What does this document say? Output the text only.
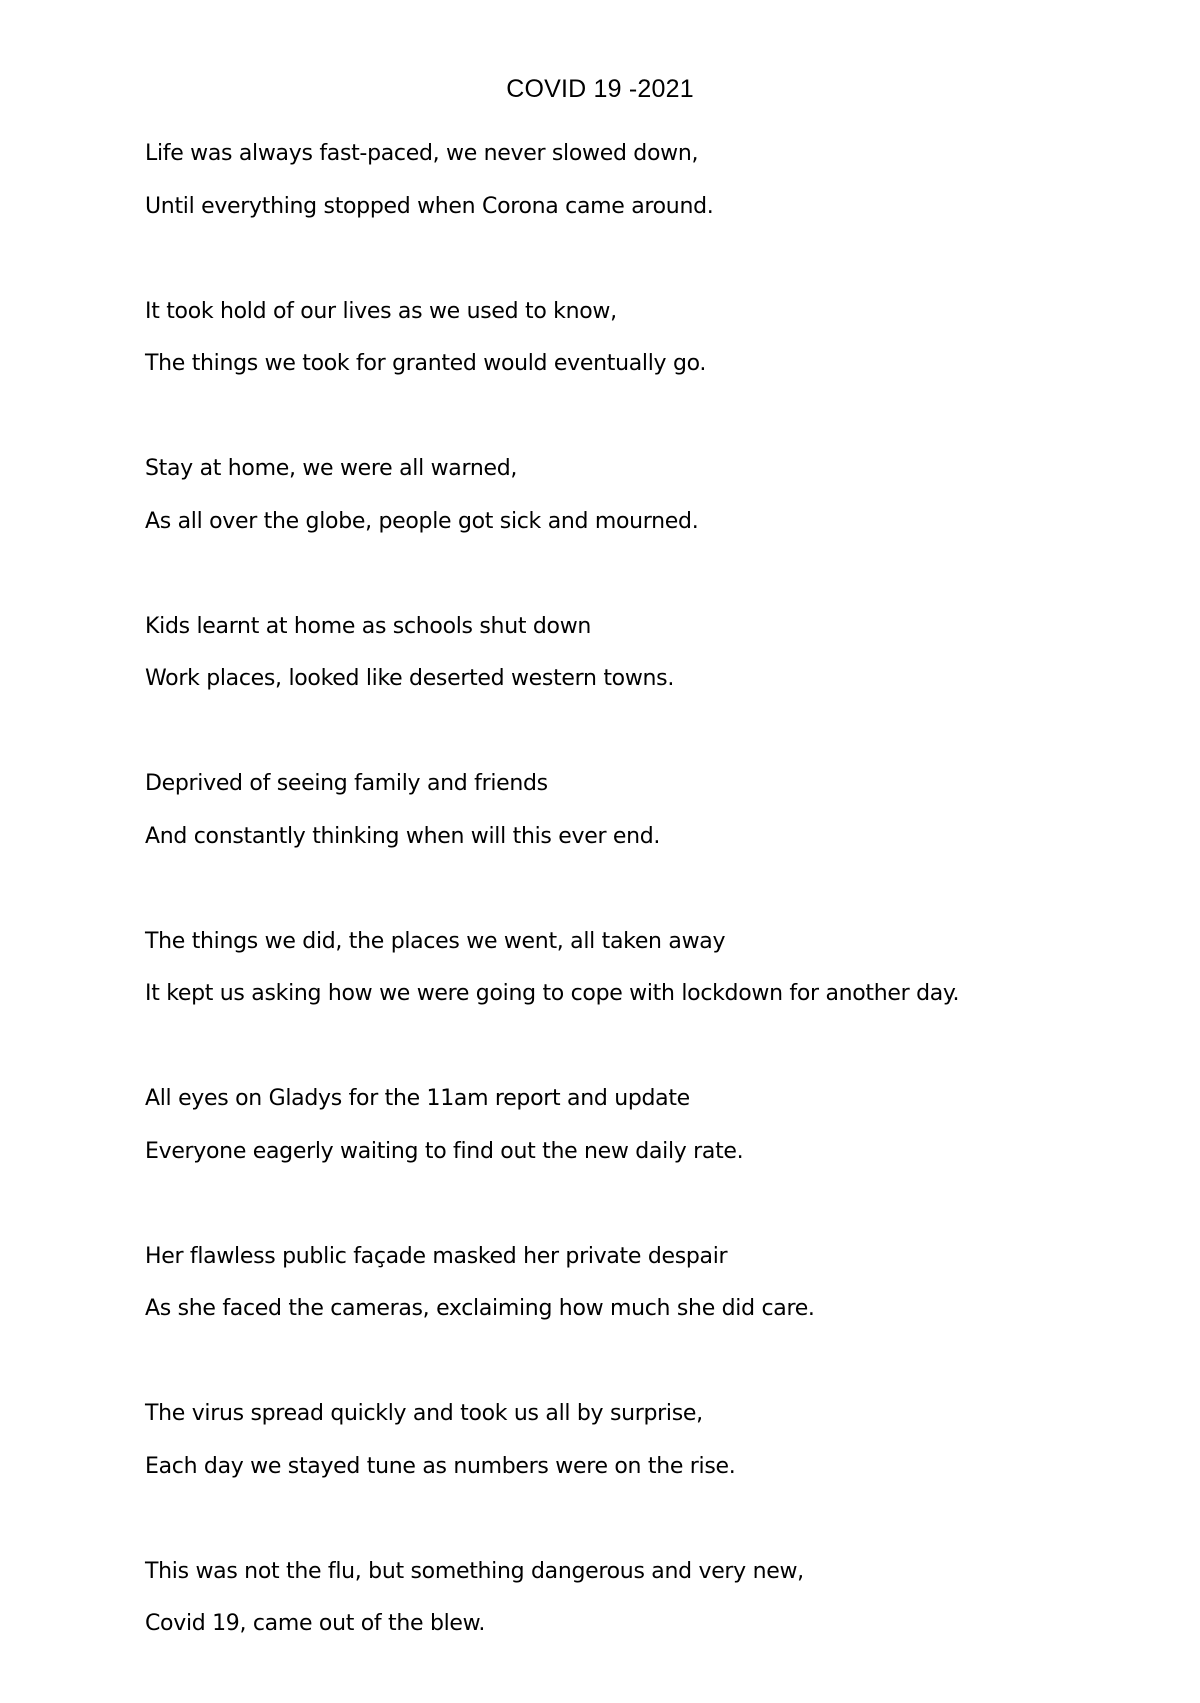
COVID 19 -2021
Life was always fast-paced, we never slowed down,
Until everything stopped when Corona came around.
It took hold of our lives as we used to know,
The things we took for granted would eventually go.
Stay at home, we were all warned,
As all over the globe, people got sick and mourned.
Kids learnt at home as schools shut down
Work places, looked like deserted western towns.
Deprived of seeing family and friends
And constantly thinking when will this ever end.
The things we did, the places we went, all taken away
It kept us asking how we were going to cope with lockdown for another day.
All eyes on Gladys for the 11am report and update
Everyone eagerly waiting to find out the new daily rate.
Her flawless public façade masked her private despair
As she faced the cameras, exclaiming how much she did care.
The virus spread quickly and took us all by surprise,
Each day we stayed tune as numbers were on the rise.
This was not the flu, but something dangerous and very new,
Covid 19, came out of the blew.
